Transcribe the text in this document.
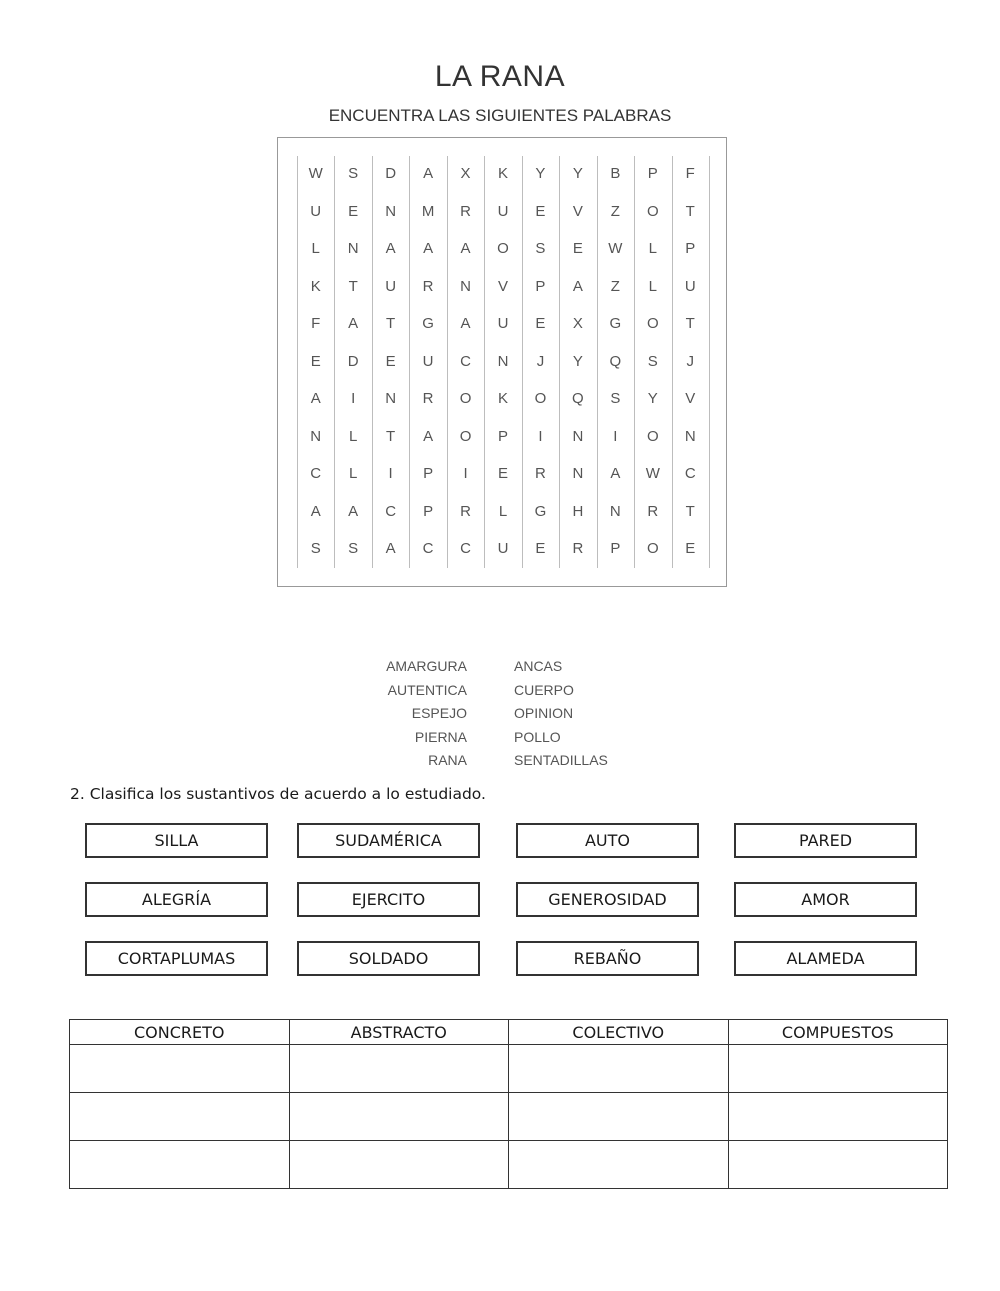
LA RANA
ENCUENTRA LAS SIGUIENTES PALABRAS
W	S	D	A	X	K	Y	Y	B	P	F
U	E	N	M	R	U	E	V	Z	O	T
L	N	A	A	A	O	S	E	W	L	P
K	T	U	R	N	V	P	A	Z	L	U
F	A	T	G	A	U	E	X	G	O	T
E	D	E	U	C	N	J	Y	Q	S	J
A	I	N	R	O	K	O	Q	S	Y	V
N	L	T	A	O	P	I	N	I	O	N
C	L	I	P	I	E	R	N	A	W	C
A	A	C	P	R	L	G	H	N	R	T
S	S	A	C	C	U	E	R	P	O	E
AMARGURA
AUTENTICA
ESPEJO
PIERNA
RANA
ANCAS
CUERPO
OPINION
POLLO
SENTADILLAS
2. Clasifica los sustantivos de acuerdo a lo estudiado.
SILLA	SUDAMÉRICA	AUTO	PARED
ALEGRÍA	EJERCITO	GENEROSIDAD	AMOR
CORTAPLUMAS	SOLDADO	REBAÑO	ALAMEDA
CONCRETO	ABSTRACTO	COLECTIVO	COMPUESTOS
